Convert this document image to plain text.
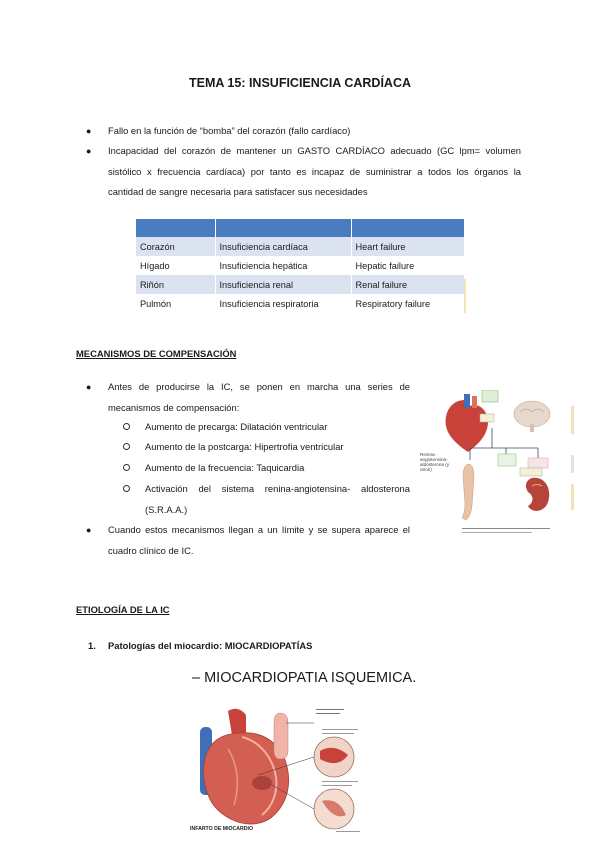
TEMA 15: INSUFICIENCIA CARDÍACA
● Fallo en la función de “bomba” del corazón (fallo cardíaco)
● Incapacidad del corazón de mantener un GASTO CARDÍACO adecuado (GC lpm= volumen
sistólico x frecuencia cardíaca) por tanto es incapaz de suministrar a todos los órganos la
cantidad de sangre necesaria para satisfacer sus necesidades

Corazón	Insuficiencia cardíaca	Heart failure
Hígado	Insuficiencia hepática	Hepatic failure
Riñón	Insuficiencia renal	Renal failure
Pulmón	Insuficiencia respiratoria	Respiratory failure
MECANISMOS DE COMPENSACIÓN
● Antes de producirse la IC, se ponen en marcha una series de
mecanismos de compensación:
Aumento de precarga: Dilatación ventricular
Aumento de la postcarga: Hipertrofia ventricular
Aumento de la frecuencia: Taquicardia
Activación del sistema renina-angiotensina- aldosterona
(S.R.A.A.)
● Cuando estos mecanismos llegan a un límite y se supera aparece el
cuadro clínico de IC.
Renina-angiotensina-
aldosterona (y otros)
ETIOLOGÍA DE LA IC
1. Patologías del miocardio: MIOCARDIOPATÍAS
– MIOCARDIOPATIA ISQUEMICA.
INFARTO DE MIOCARDIO
